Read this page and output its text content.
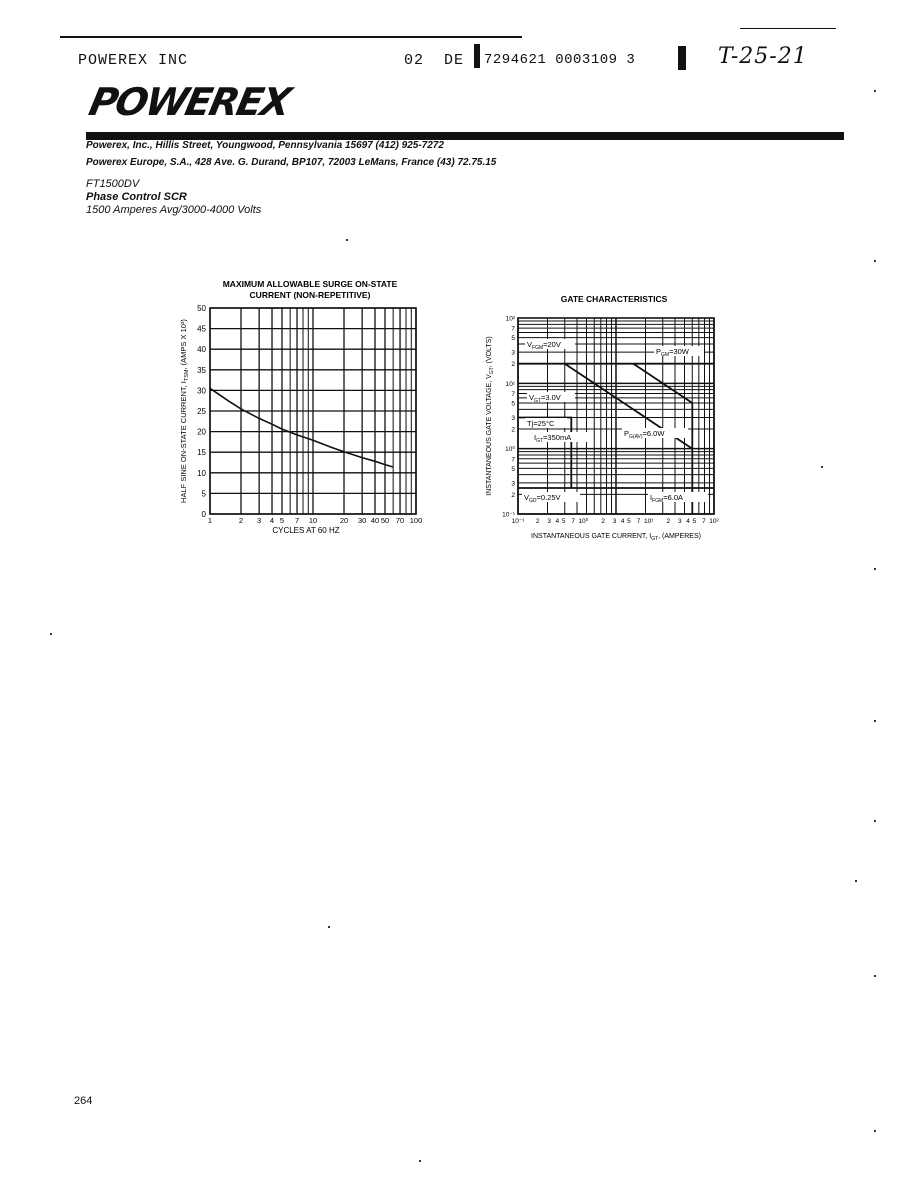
POWEREX INC	02  DE 7294621 0003109 3	T-25-21
POWEREX
Powerex, Inc., Hillis Street, Youngwood, Pennsylvania 15697 (412) 925-7272
Powerex Europe, S.A., 428 Ave. G. Durand, BP107, 72003 LeMans, France (43) 72.75.15
FT1500DV
Phase Control SCR
1500 Amperes Avg/3000-4000 Volts
MAXIMUM ALLOWABLE SURGE ON-STATE
CURRENT (NON-REPETITIVE)
0
5
10
15
20
25
30
35
40
45
50
1	2 3 4 5 7 10	20 30 40 50 70 100
CYCLES AT 60 HZ
HALF SINE ON-STATE CURRENT, $I_{TSM}$, (AMPS X 10³)
GATE CHARACTERISTICS
10⁻¹
2
3
5
7
10⁰
2
3
5
7
10¹
2
3
5
7
10²
10⁻¹ 2 3 4 5 7 10⁰ 2 3 4 5 7 10¹ 2 3 4 5 7 10²
$V_{FGM}=20V$
$P_{GM}=30W$
$V_{GT}=3.0V$
Tj=25°C
$I_{GT}=350mA$	$P_{G(AV)}=6.0W$
$V_{GD}=0.25V$	$I_{FGM}=6.0A$
INSTANTANEOUS GATE CURRENT, $I_{GT}$, (AMPERES)
INSTANTANEOUS GATE VOLTAGE, $V_{GT}$, (VOLTS)
264
